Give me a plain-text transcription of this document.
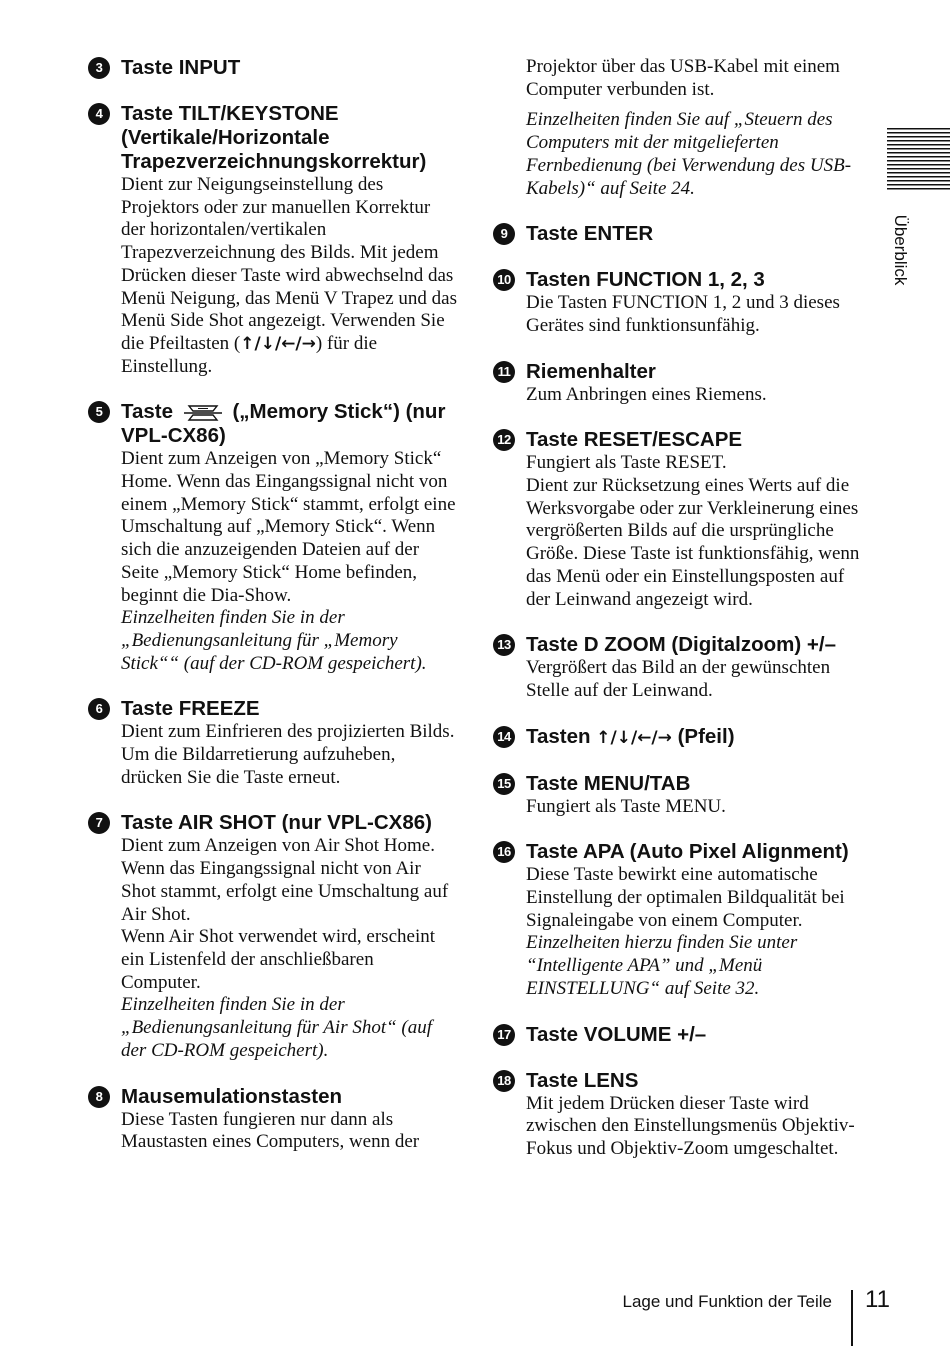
3 Taste INPUT
4 Taste TILT/KEYSTONE (Vertikale/Horizontale Trapezverzeichnungskorrektur)
Dient zur Neigungseinstellung des Projektors oder zur manuellen Korrektur der horizontalen/vertikalen Trapezverzeichnung des Bilds. Mit jedem Drücken dieser Taste wird abwechselnd das Menü Neigung, das Menü V Trapez und das Menü Side Shot angezeigt. Verwenden Sie die Pfeiltasten (↑/↓/←/→) für die Einstellung.
5 Taste	(„Memory Stick“) (nur VPL-CX86)

Dient zum Anzeigen von „Memory Stick“ Home. Wenn das Eingangssignal nicht von einem „Memory Stick“ stammt, erfolgt eine Umschaltung auf „Memory Stick“. Wenn sich die anzuzeigenden Dateien auf der Seite „Memory Stick“ Home befinden, beginnt die Dia-Show.

Einzelheiten finden Sie in der „Bedienungsanleitung für „Memory Stick““ (auf der CD-ROM gespeichert).

6 Taste FREEZE
Dient zum Einfrieren des projizierten Bilds. Um die Bildarretierung aufzuheben, drücken Sie die Taste erneut.
7 Taste AIR SHOT (nur VPL-CX86)

Dient zum Anzeigen von Air Shot Home.

Wenn das Eingangssignal nicht von Air Shot stammt, erfolgt eine Umschaltung auf Air Shot.

Wenn Air Shot verwendet wird, erscheint ein Listenfeld der anschließbaren Computer.

Einzelheiten finden Sie in der „Bedienungsanleitung für Air Shot“ (auf der CD-ROM gespeichert).

8 Mausemulationstasten
Diese Tasten fungieren nur dann als Maustasten eines Computers, wenn der

Projektor über das USB-Kabel mit einem Computer verbunden ist.

Einzelheiten finden Sie auf „Steuern des Computers mit der mitgelieferten Fernbedienung (bei Verwendung des USB-Kabels)“ auf Seite 24.

9 Taste ENTER
10 Tasten FUNCTION 1, 2, 3
Die Tasten FUNCTION 1, 2 und 3 dieses Gerätes sind funktionsunfähig.
11 Riemenhalter
Zum Anbringen eines Riemens.
12 Taste RESET/ESCAPE

Fungiert als Taste RESET.

Dient zur Rücksetzung eines Werts auf die Werksvorgabe oder zur Verkleinerung eines vergrößerten Bilds auf die ursprüngliche Größe. Diese Taste ist funktionsfähig, wenn das Menü oder ein Einstellungsposten auf der Leinwand angezeigt wird.

13 Taste D ZOOM (Digitalzoom) +/–
Vergrößert das Bild an der gewünschten Stelle auf der Leinwand.
14 Tasten ↑/↓/←/→ (Pfeil)
15 Taste MENU/TAB
Fungiert als Taste MENU.
16 Taste APA (Auto Pixel Alignment)

Diese Taste bewirkt eine automatische Einstellung der optimalen Bildqualität bei Signaleingabe von einem Computer.

Einzelheiten hierzu finden Sie unter “Intelligente APA” und „Menü EINSTELLUNG“ auf Seite 32.

17 Taste VOLUME +/–
18 Taste LENS
Mit jedem Drücken dieser Taste wird zwischen den Einstellungsmenüs Objektiv-Fokus und Objektiv-Zoom umgeschaltet.
Überblick
Lage und Funktion der Teile 11
